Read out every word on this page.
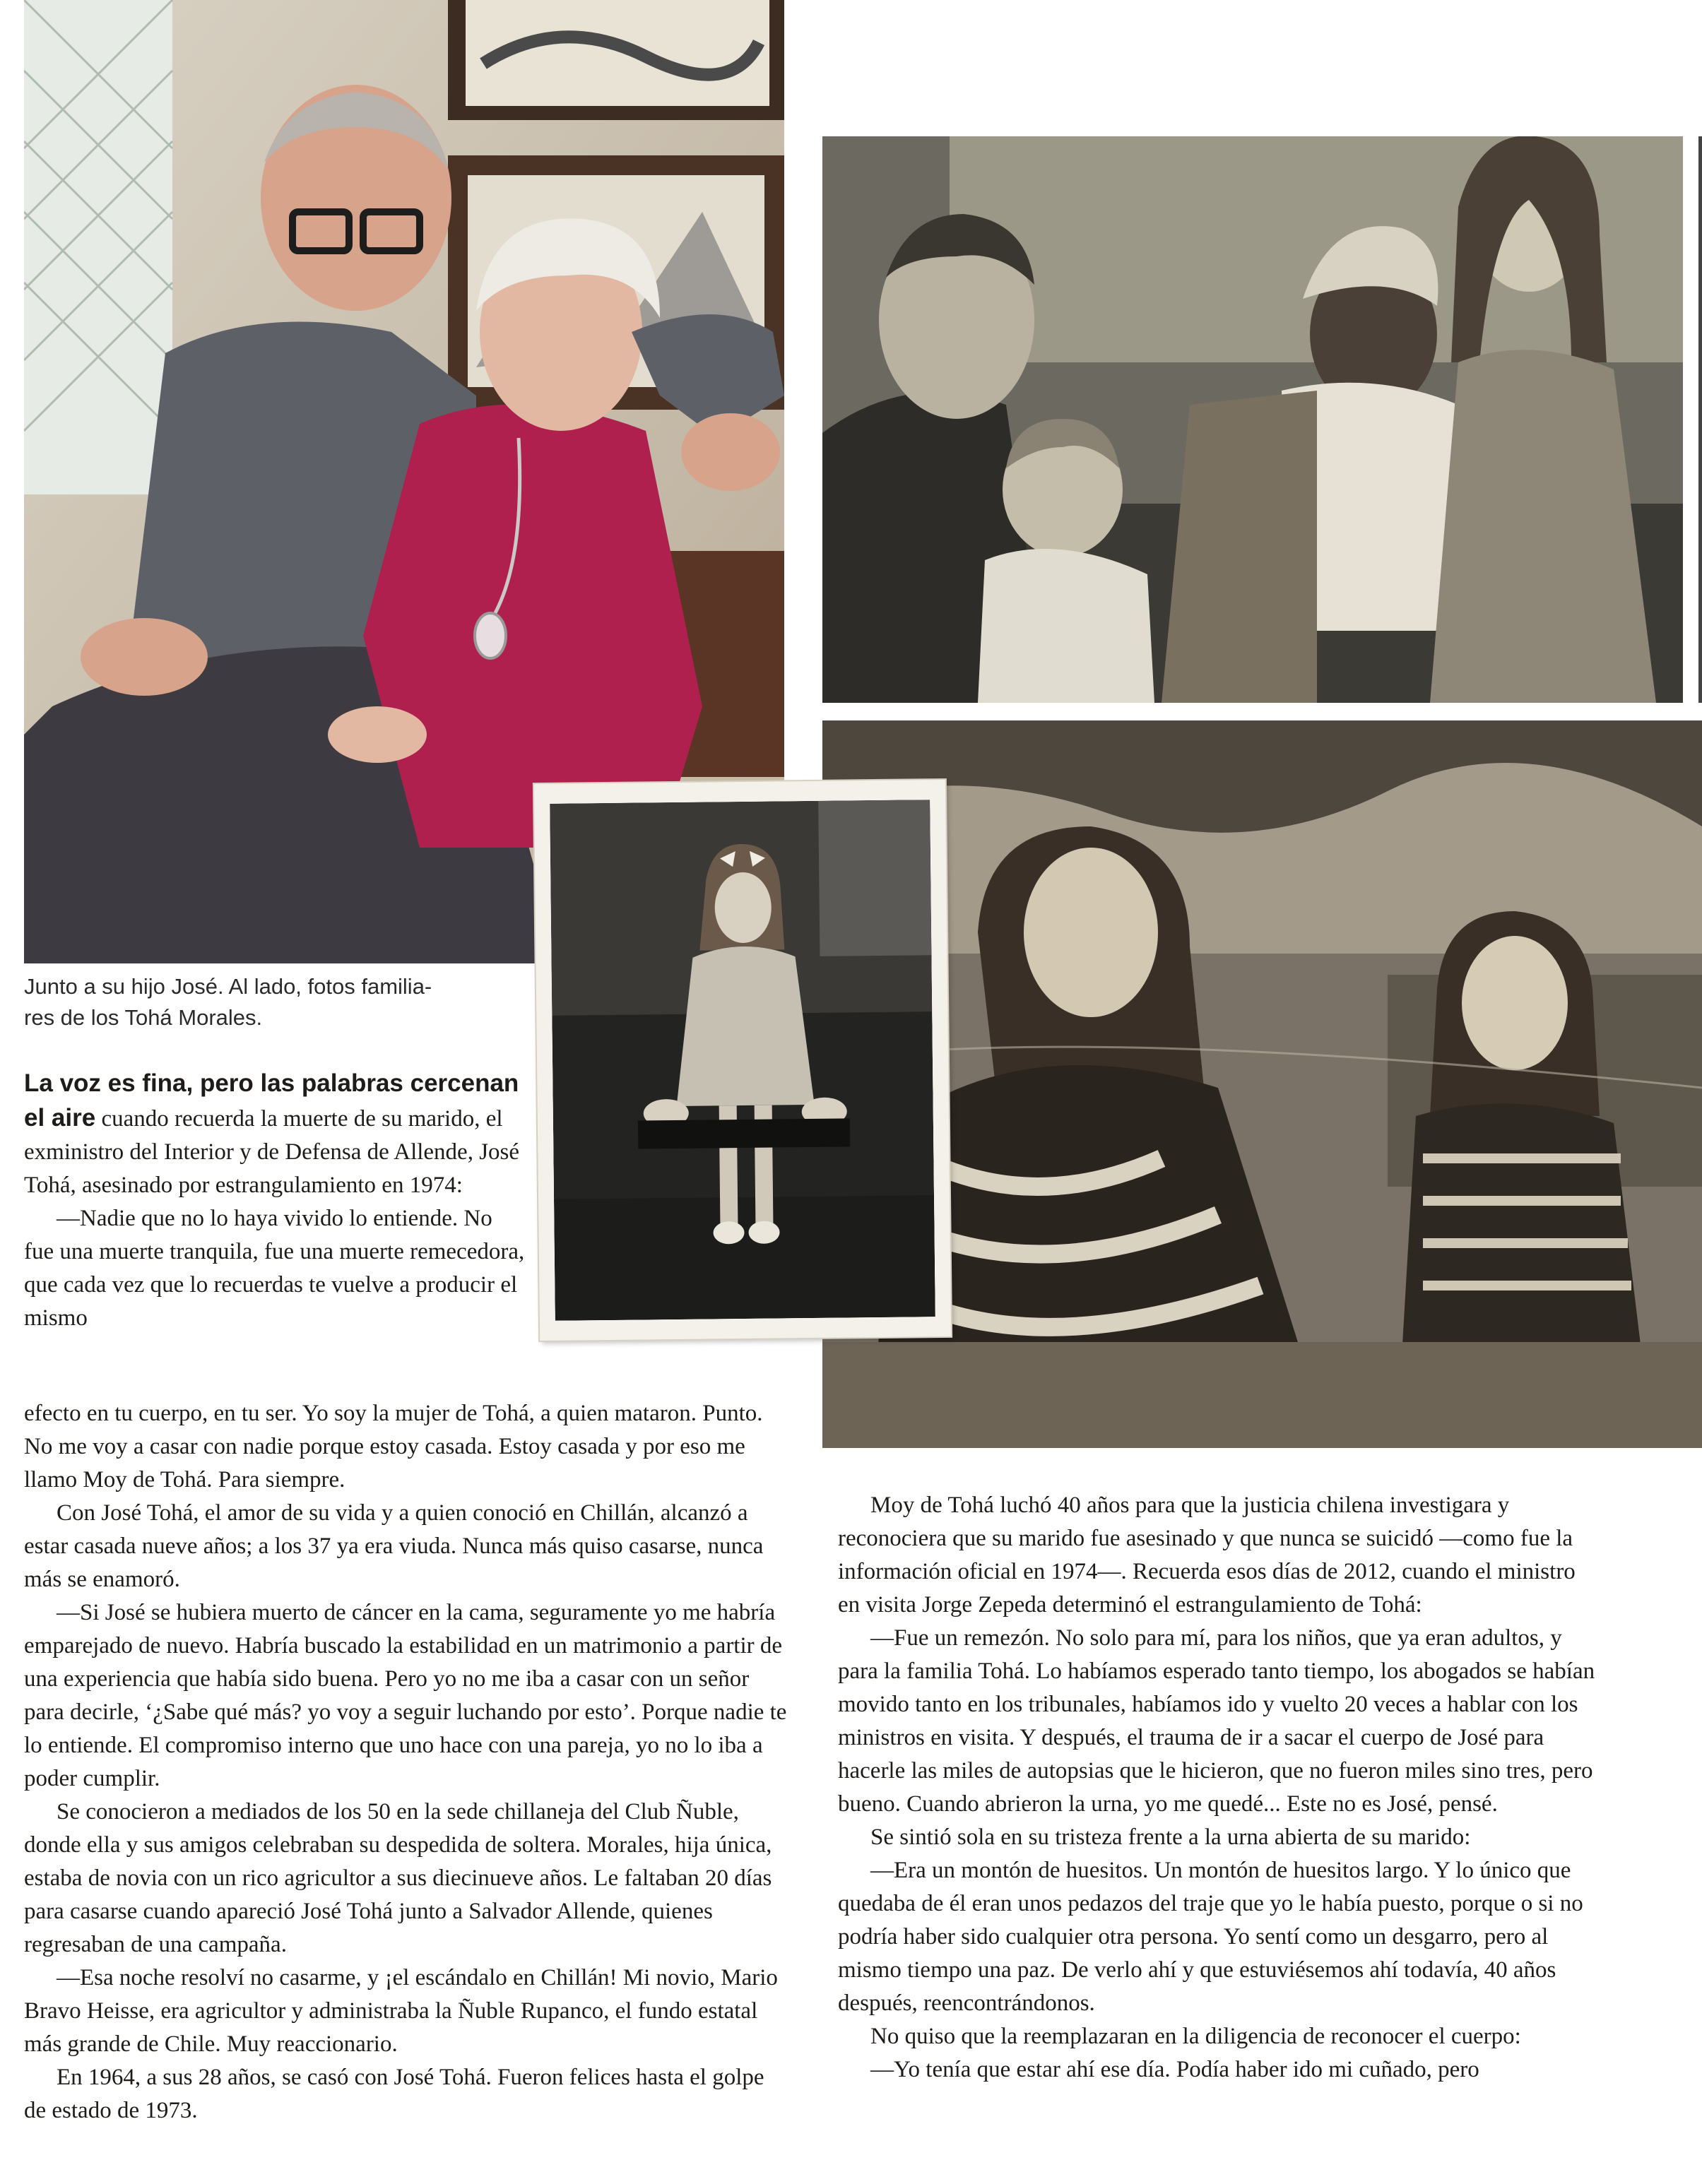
Junto a su hijo José. Al lado, fotos familia-

res de los Tohá Morales.

La voz es fina, pero las palabras cercenan el aire cuando recuerda la muerte de su marido, el exministro del Interior y de Defensa de Allende, José Tohá, asesinado por estrangulamiento en 1974:

—Nadie que no lo haya vivido lo entiende. No fue una muerte tranquila, fue una muerte remecedora, que cada vez que lo recuerdas te vuelve a producir el mismo

efecto en tu cuerpo, en tu ser. Yo soy la mujer de Tohá, a quien mataron. Punto. No me voy a casar con nadie porque estoy casada. Estoy casada y por eso me llamo Moy de Tohá. Para siempre.

Con José Tohá, el amor de su vida y a quien conoció en Chillán, alcanzó a estar casada nueve años; a los 37 ya era viuda. Nunca más quiso casarse, nunca más se enamoró.

—Si José se hubiera muerto de cáncer en la cama, seguramente yo me habría emparejado de nuevo. Habría buscado la estabilidad en un matrimonio a partir de una experiencia que había sido buena. Pero yo no me iba a casar con un señor para decirle, ‘¿Sabe qué más? yo voy a seguir luchando por esto’. Porque nadie te lo entiende. El compromiso interno que uno hace con una pareja, yo no lo iba a poder cumplir.

Se conocieron a mediados de los 50 en la sede chillaneja del Club Ñuble, donde ella y sus amigos celebraban su despedida de soltera. Morales, hija única, estaba de novia con un rico agricultor a sus diecinueve años. Le faltaban 20 días para casarse cuando apareció José Tohá junto a Salvador Allende, quienes regresaban de una campaña.

—Esa noche resolví no casarme, y ¡el escándalo en Chillán! Mi novio, Mario Bravo Heisse, era agricultor y administraba la Ñuble Rupanco, el fundo estatal más grande de Chile. Muy reaccionario.

En 1964, a sus 28 años, se casó con José Tohá. Fueron felices hasta el golpe de estado de 1973.

Moy de Tohá luchó 40 años para que la justicia chilena investigara y reconociera que su marido fue asesinado y que nunca se suicidó —como fue la información oficial en 1974—. Recuerda esos días de 2012, cuando el ministro en visita Jorge Zepeda determinó el estrangulamiento de Tohá:

—Fue un remezón. No solo para mí, para los niños, que ya eran adultos, y para la familia Tohá. Lo habíamos esperado tanto tiempo, los abogados se habían movido tanto en los tribunales, habíamos ido y vuelto 20 veces a hablar con los ministros en visita. Y después, el trauma de ir a sacar el cuerpo de José para hacerle las miles de autopsias que le hicieron, que no fueron miles sino tres, pero bueno. Cuando abrieron la urna, yo me quedé... Este no es José, pensé.

Se sintió sola en su tristeza frente a la urna abierta de su marido:

—Era un montón de huesitos. Un montón de huesitos largo. Y lo único que quedaba de él eran unos pedazos del traje que yo le había puesto, porque o si no podría haber sido cualquier otra persona. Yo sentí como un desgarro, pero al mismo tiempo una paz. De verlo ahí y que estuviésemos ahí todavía, 40 años después, reencontrándonos.

No quiso que la reemplazaran en la diligencia de reconocer el cuerpo:

—Yo tenía que estar ahí ese día. Podía haber ido mi cuñado, pero
